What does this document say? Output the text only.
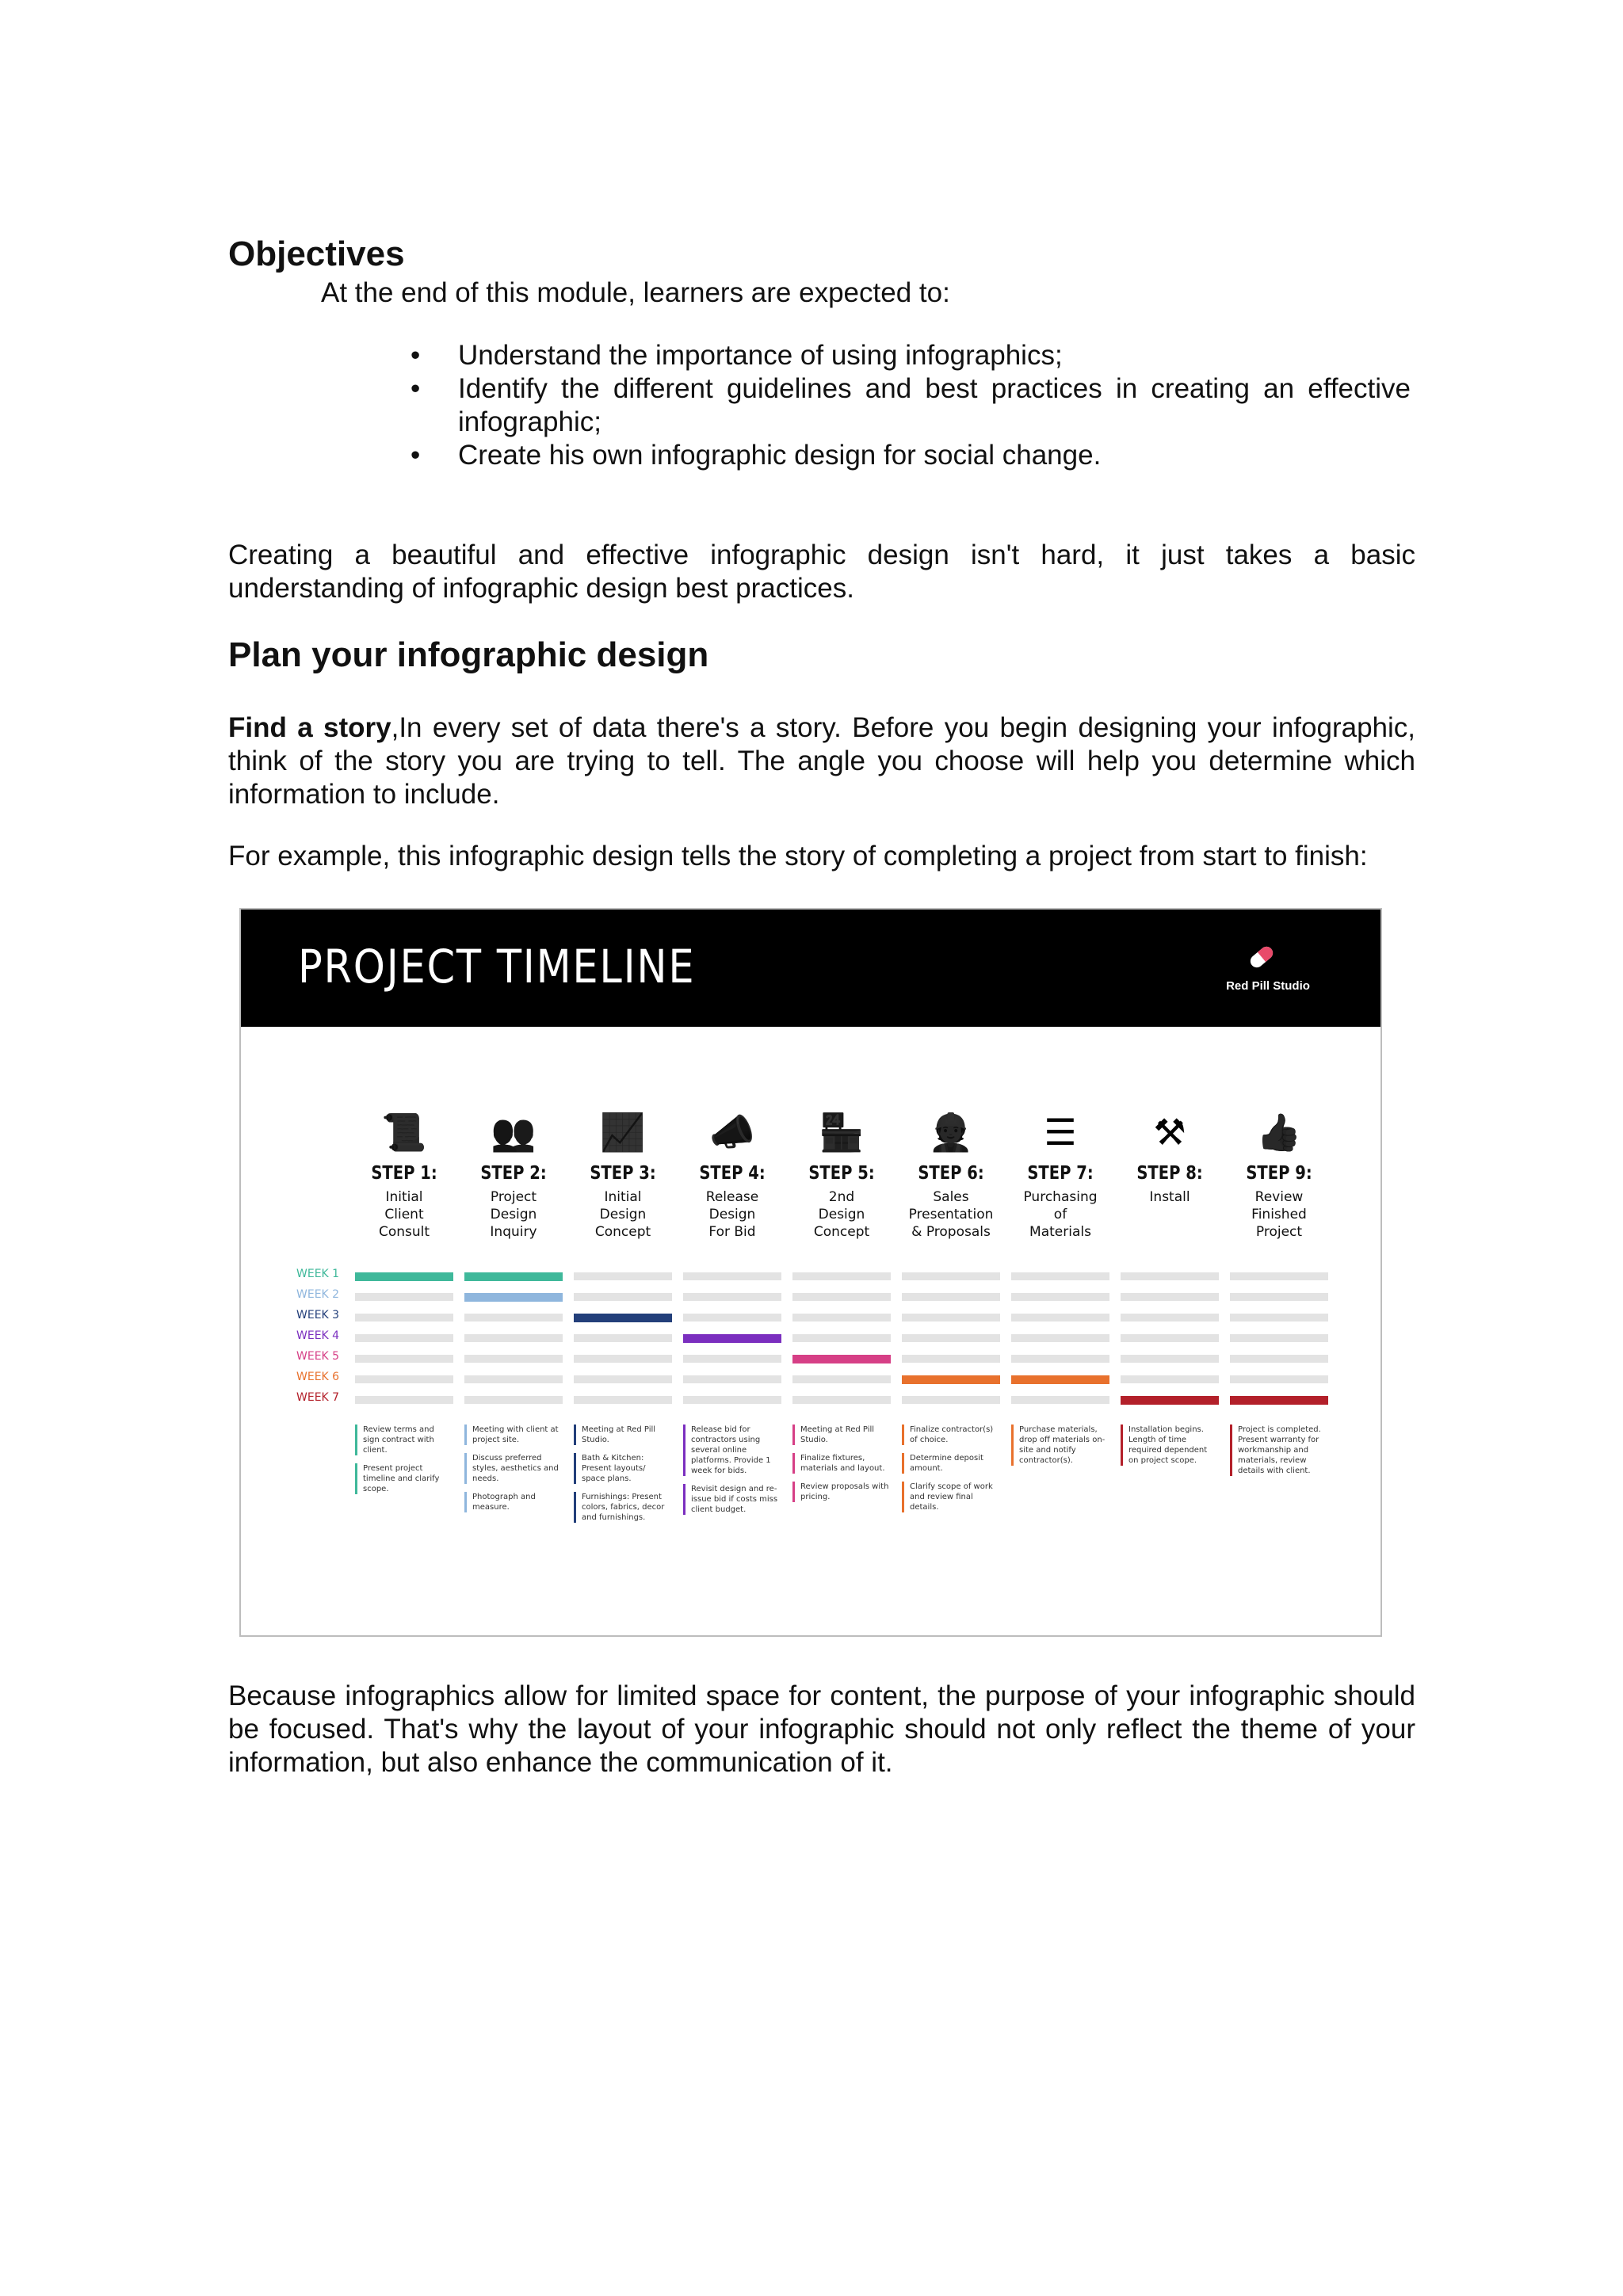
Objectives
At the end of this module, learners are expected to:
• Understand the importance of using infographics;
• Identify the different guidelines and best practices in creating an effective infographic;
• Create his own infographic design for social change.

Creating a beautiful and effective infographic design isn't hard, it just takes a basic understanding of infographic design best practices.

Plan your infographic design

Find a story,In every set of data there's a story. Before you begin designing your infographic, think of the story you are trying to tell. The angle you choose will help you determine which information to include.

For example, this infographic design tells the story of completing a project from start to finish:

PROJECT TIMELINE	Red Pill Studio
WEEK 1
WEEK 2
WEEK 3
WEEK 4
WEEK 5
WEEK 6
WEEK 7
📜
STEP 1:
Initial
Client
Consult
Review terms and sign contract with client.
Present project timeline and clarify scope.
👥
STEP 2:
Project
Design
Inquiry
Meeting with client at project site.
Discuss preferred styles, aesthetics and needs.
Photograph and measure.
📈
STEP 3:
Initial
Design
Concept
Meeting at Red Pill Studio.
Bath & Kitchen: Present layouts/ space plans.
Furnishings: Present colors, fabrics, decor and furnishings.
📣
STEP 4:
Release
Design
For Bid
Release bid for contractors using several online platforms. Provide 1 week for bids.
Revisit design and re-issue bid if costs miss client budget.
🏪
STEP 5:
2nd
Design
Concept
Meeting at Red Pill Studio.
Finalize fixtures, materials and layout.
Review proposals with pricing.
👷
STEP 6:
Sales
Presentation
& Proposals
Finalize contractor(s) of choice.
Determine deposit amount.
Clarify scope of work and review final details.
☰
STEP 7:
Purchasing
of
Materials
Purchase materials, drop off materials on-site and notify contractor(s).
⚒
STEP 8:
Install
Installation begins. Length of time required dependent on project scope.
👍
STEP 9:
Review
Finished
Project
Project is completed. Present warranty for workmanship and materials, review details with client.

Because infographics allow for limited space for content, the purpose of your infographic should be focused. That's why the layout of your infographic should not only reflect the theme of your information, but also enhance the communication of it.
